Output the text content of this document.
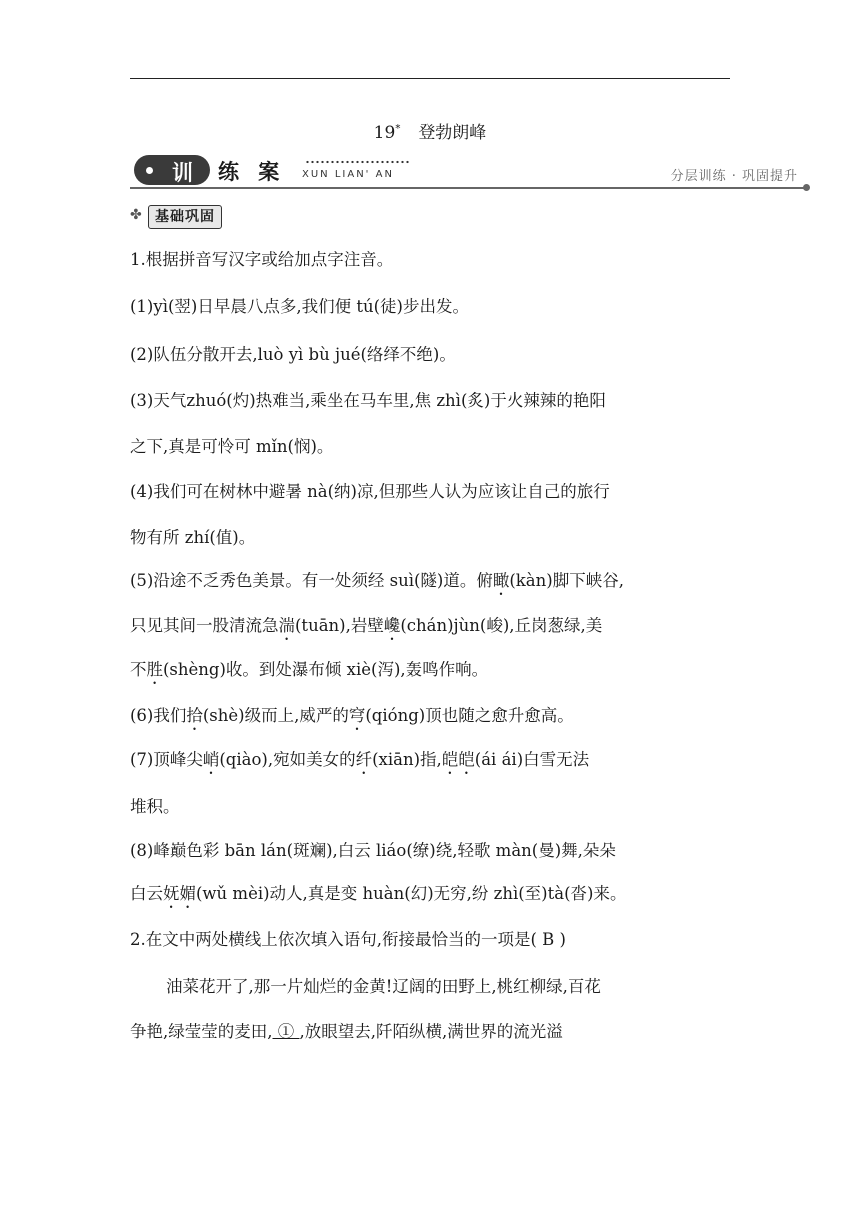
19* 登勃朗峰
训 练 案 XUN LIAN' AN	分层训练 · 巩固提升
✤ 基础巩固
1.根据拼音写汉字或给加点字注音。
(1)yì(翌)日早晨八点多,我们便 tú(徒)步出发。
(2)队伍分散开去,luò yì bù jué(络绎不绝)。
(3)天气zhuó(灼)热难当,乘坐在马车里,焦 zhì(炙)于火辣辣的艳阳
之下,真是可怜可 mǐn(悯)。
(4)我们可在树林中避暑 nà(纳)凉,但那些人认为应该让自己的旅行
物有所 zhí(值)。
(5)沿途不乏秀色美景。有一处须经 suì(隧)道。俯瞰(kàn)脚下峡谷,
只见其间一股清流急湍(tuān),岩壁巉(chán)jùn(峻),丘岗葱绿,美
不胜(shèng)收。到处瀑布倾 xiè(泻),轰鸣作响。
(6)我们拾(shè)级而上,威严的穹(qióng)顶也随之愈升愈高。
(7)顶峰尖峭(qiào),宛如美女的纤(xiān)指,皑皑(ái ái)白雪无法
堆积。
(8)峰巅色彩 bān lán(斑斓),白云 liáo(缭)绕,轻歌 màn(曼)舞,朵朵
白云妩媚(wǔ mèi)动人,真是变 huàn(幻)无穷,纷 zhì(至)tà(沓)来。
2.在文中两处横线上依次填入语句,衔接最恰当的一项是( B )
油菜花开了,那一片灿烂的金黄!辽阔的田野上,桃红柳绿,百花
争艳,绿莹莹的麦田, ① ,放眼望去,阡陌纵横,满世界的流光溢
